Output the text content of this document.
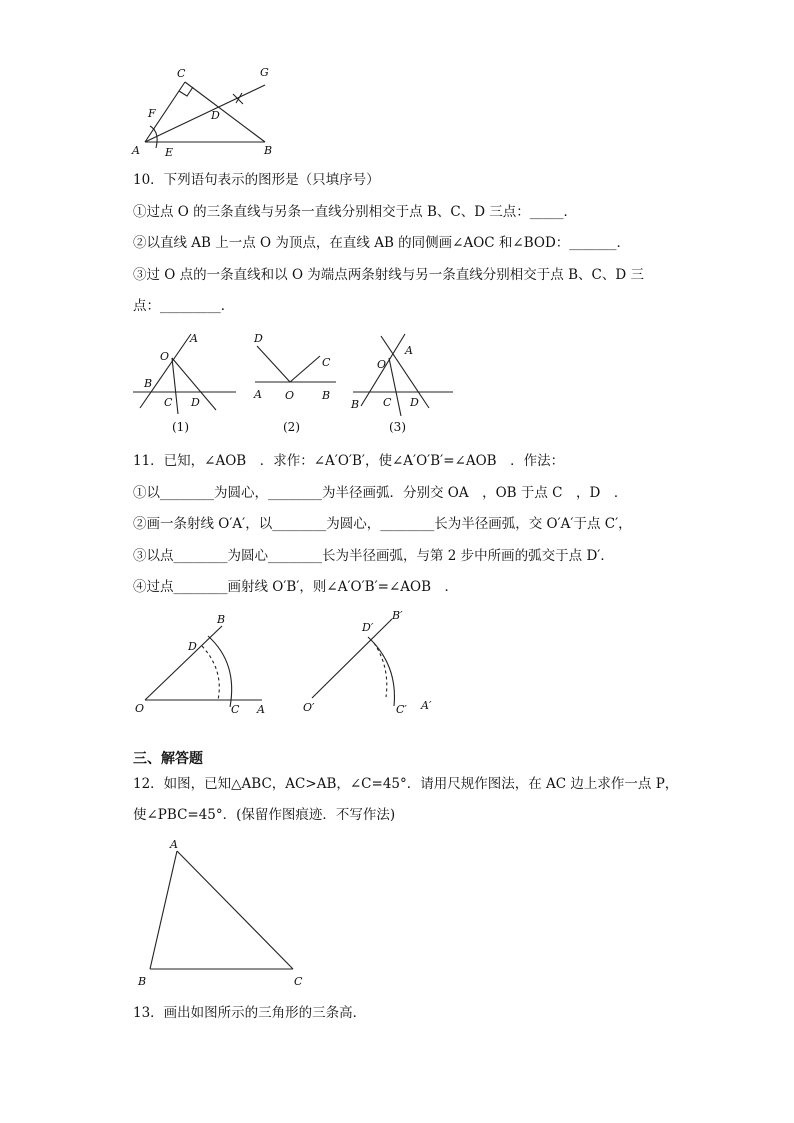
C	G
F	D
A E	B
10．下列语句表示的图形是（只填序号）
①过点 O 的三条直线与另条一直线分别相交于点 B、C、D 三点：_____．
②以直线 AB 上一点 O 为顶点，在直线 AB 的同侧画∠AOC 和∠BOD：_______．
③过 O 点的一条直线和以 O 为端点两条射线与另一条直线分别相交于点 B、C、D 三
点：_________．
A
O
B
C D
(1)
D
C
A O	B
(2)
O
A
B C D
(3)
11．已知，∠AOB　．求作：∠A′O′B′，使∠A′O′B′=∠AOB　．作法：
①以________为圆心，________为半径画弧．分别交 OA　，OB 于点 C　，D　．
②画一条射线 O′A′，以________为圆心，________长为半径画弧，交 O′A′于点 C′，
③以点________为圆心________长为半径画弧，与第 2 步中所画的弧交于点 D′．
④过点________画射线 O′B′，则∠A′O′B′=∠AOB　．
O	C A
D
B
O′	C′ A′
D′
B′
三、解答题
12．如图，已知△ABC，AC>AB，∠C=45°．请用尺规作图法，在 AC 边上求作一点 P，
使∠PBC=45°．(保留作图痕迹．不写作法)
A
B	C
13．画出如图所示的三角形的三条高．
